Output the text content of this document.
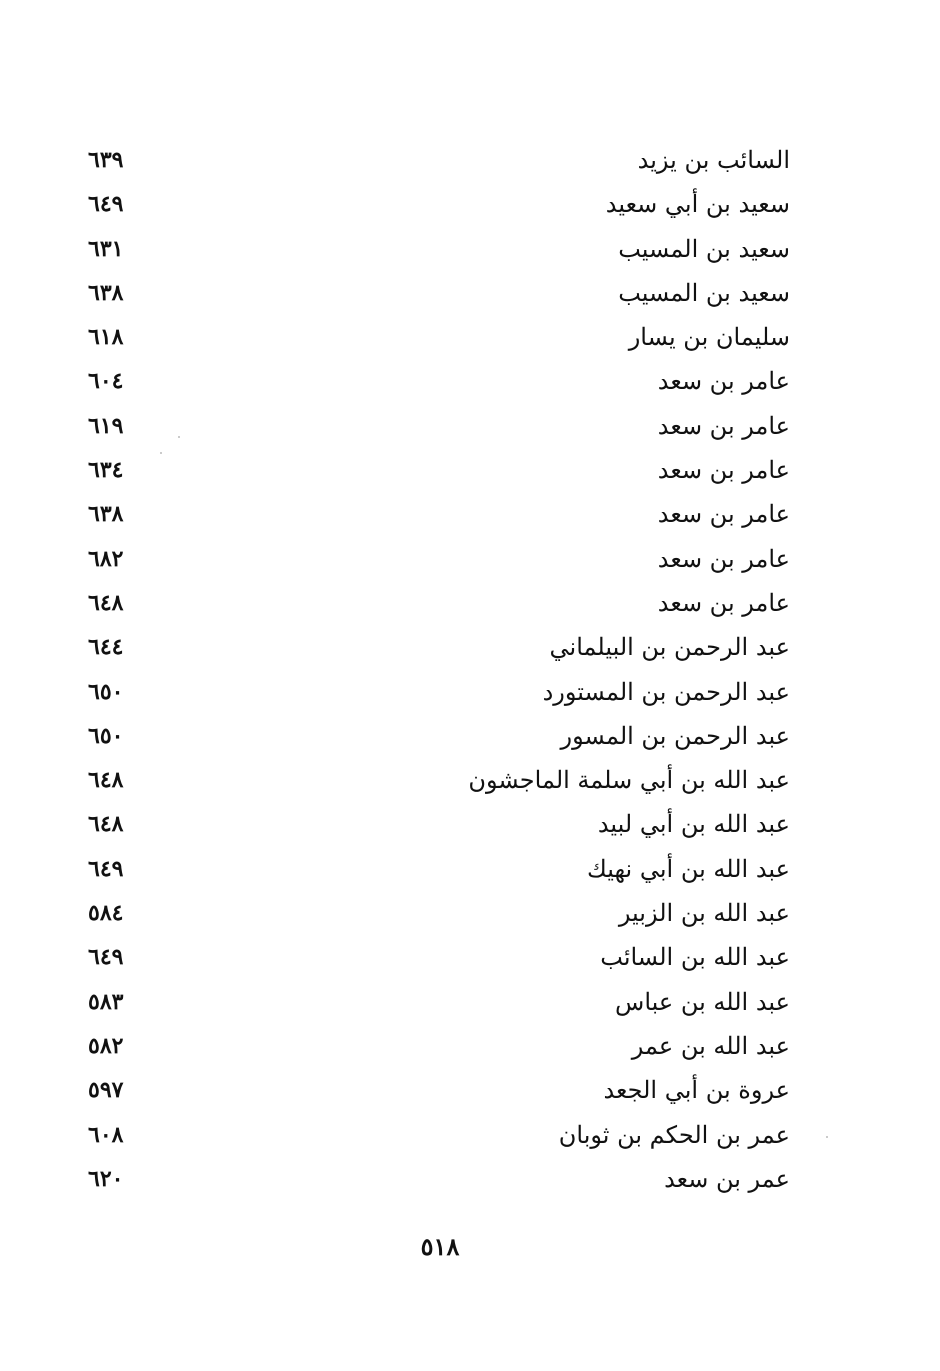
السائب بن يزيد
٦٣٩
سعيد بن أبي سعيد
٦٤٩
سعيد بن المسيب
٦٣١
سعيد بن المسيب
٦٣٨
سليمان بن يسار
٦١٨
عامر بن سعد
٦٠٤
عامر بن سعد
٦١٩
عامر بن سعد
٦٣٤
عامر بن سعد
٦٣٨
عامر بن سعد
٦٨٢
عامر بن سعد
٦٤٨
عبد الرحمن بن البيلماني
٦٤٤
عبد الرحمن بن المستورد
٦٥٠
عبد الرحمن بن المسور
٦٥٠
عبد الله بن أبي سلمة الماجشون
٦٤٨
عبد الله بن أبي لبيد
٦٤٨
عبد الله بن أبي نهيك
٦٤٩
عبد الله بن الزبير
٥٨٤
عبد الله بن السائب
٦٤٩
عبد الله بن عباس
٥٨٣
عبد الله بن عمر
٥٨٢
عروة بن أبي الجعد
٥٩٧
عمر بن الحكم بن ثوبان
٦٠٨
عمر بن سعد
٦٢٠
٥١٨
